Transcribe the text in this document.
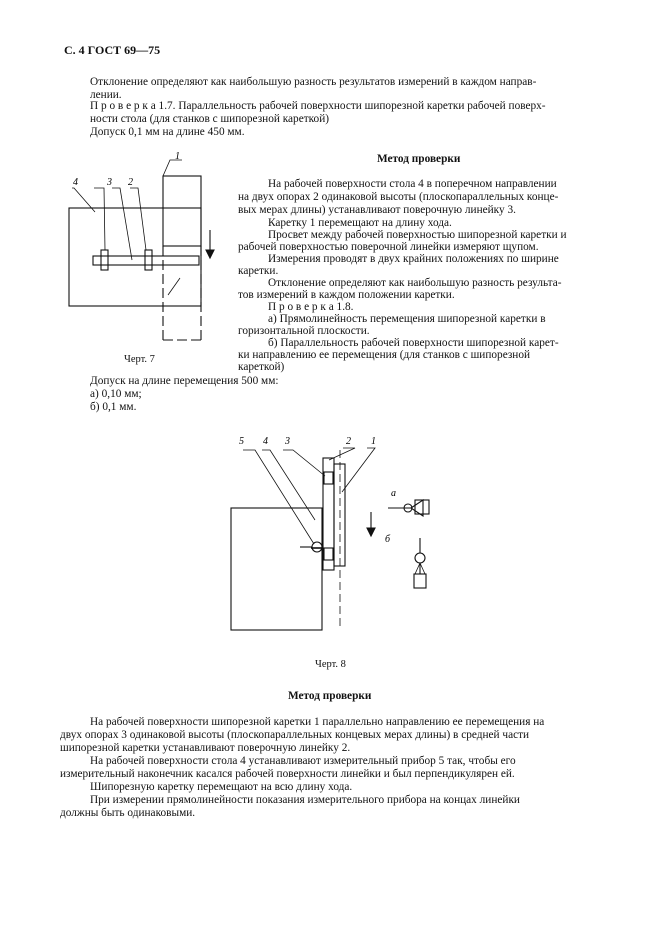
С. 4 ГОСТ 69—75
Отклонение определяют как наибольшую разность результатов измерений в каждом направ-
лении.
П р о в е р к а 1.7. Параллельность рабочей поверхности шипорезной каретки рабочей поверх-
ности стола (для станков с шипорезной кареткой)
Допуск 0,1 мм на длине 450 мм.
Метод проверки
На рабочей поверхности стола 4 в поперечном направлении
на двух опорах 2 одинаковой высоты (плоскопараллельных конце-
вых мерах длины) устанавливают поверочную линейку 3.
Каретку 1 перемещают на длину хода.
Просвет между рабочей поверхностью шипорезной каретки и
рабочей поверхностью поверочной линейки измеряют щупом.
Измерения проводят в двух крайних положениях по ширине
каретки.
Отклонение определяют как наибольшую разность результа-
тов измерений в каждом положении каретки.
П р о в е р к а 1.8.
а) Прямолинейность перемещения шипорезной каретки в
горизонтальной плоскости.
б) Параллельность рабочей поверхности шипорезной карет-
ки направлению ее перемещения (для станков с шипорезной
кареткой)
Черт. 7
Допуск на длине перемещения 500 мм:
а) 0,10 мм;
б) 0,1 мм.
1
2
3
4
1
2
3
4
5
а
б
Черт. 8
Метод проверки
На рабочей поверхности шипорезной каретки 1 параллельно направлению ее перемещения на
двух опорах 3 одинаковой высоты (плоскопараллельных концевых мерах длины) в средней части
шипорезной каретки устанавливают поверочную линейку 2.
На рабочей поверхности стола 4 устанавливают измерительный прибор 5 так, чтобы его
измерительный наконечник касался рабочей поверхности линейки и был перпендикулярен ей.
Шипорезную каретку перемещают на всю длину хода.
При измерении прямолинейности показания измерительного прибора на концах линейки
должны быть одинаковыми.
